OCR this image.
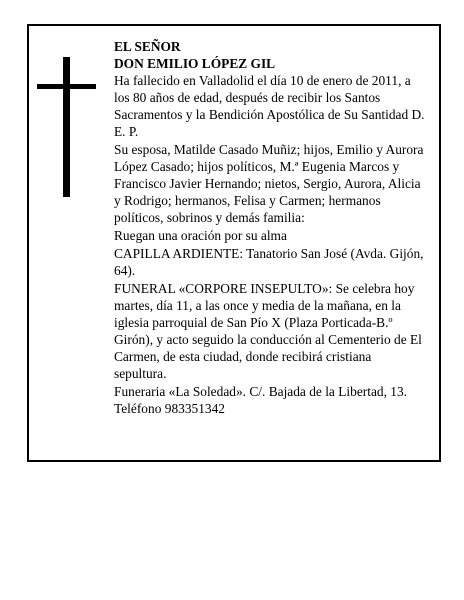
EL SEÑOR
DON EMILIO LÓPEZ GIL

Ha fallecido en Valladolid el día 10 de enero de 2011, a los 80 años de edad, después de recibir los Santos Sacramentos y la Bendición Apostólica de Su Santidad D. E. P.

Su esposa, Matilde Casado Muñiz; hijos, Emilio y Aurora López Casado; hijos políticos, M.ª Eugenia Marcos y Francisco Javier Hernando; nietos, Sergio, Aurora, Alicia y Rodrigo; hermanos, Felisa y Carmen; hermanos políticos, sobrinos y demás familia:

Ruegan una oración por su alma

CAPILLA ARDIENTE: Tanatorio San José (Avda. Gijón, 64).

FUNERAL «CORPORE INSEPULTO»: Se celebra hoy martes, día 11, a las once y media de la mañana, en la iglesia parroquial de San Pío X (Plaza Porticada-B.º Girón), y acto seguido la conducción al Cementerio de El Carmen, de esta ciudad, donde recibirá cristiana sepultura.

Funeraria «La Soledad». C/. Bajada de la Libertad, 13. Teléfono 983351342
